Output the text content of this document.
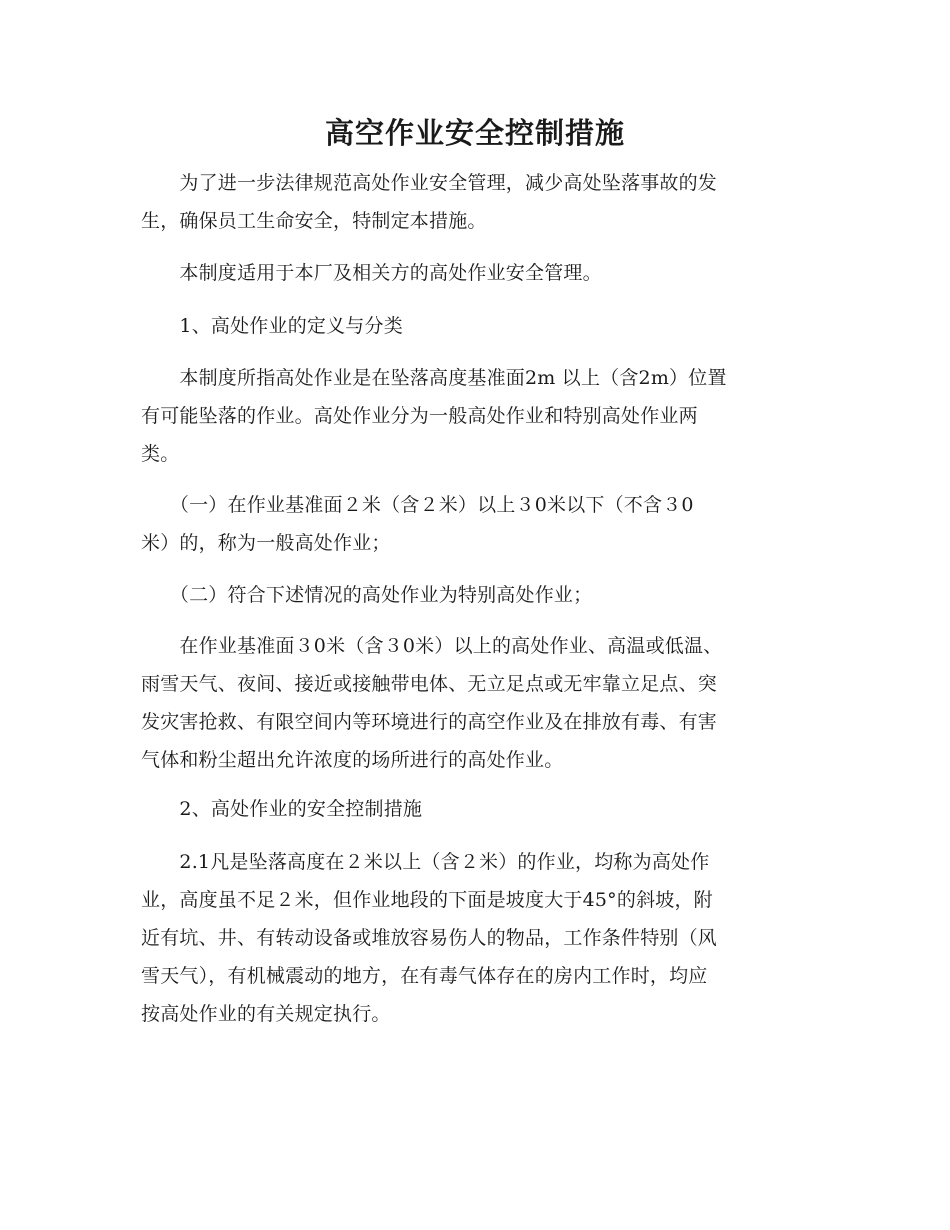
高空作业安全控制措施

　　为了进一步法律规范高处作业安全管理，减少高处坠落事故的发
生，确保员工生命安全，特制定本措施。

　　本制度适用于本厂及相关方的高处作业安全管理。

　　1、高处作业的定义与分类

　　本制度所指高处作业是在坠落高度基准面2m 以上（含2m）位置
有可能坠落的作业。高处作业分为一般高处作业和特别高处作业两
类。

　　（一）在作业基准面２米（含２米）以上３0米以下（不含３0
米）的，称为一般高处作业；

　　（二）符合下述情况的高处作业为特别高处作业；

　　在作业基准面３0米（含３0米）以上的高处作业、高温或低温、
雨雪天气、夜间、接近或接触带电体、无立足点或无牢靠立足点、突
发灾害抢救、有限空间内等环境进行的高空作业及在排放有毒、有害
气体和粉尘超出允许浓度的场所进行的高处作业。

　　2、高处作业的安全控制措施

　　2.1凡是坠落高度在２米以上（含２米）的作业，均称为高处作
业，高度虽不足２米，但作业地段的下面是坡度大于45°的斜坡，附
近有坑、井、有转动设备或堆放容易伤人的物品，工作条件特别（风
雪天气），有机械震动的地方，在有毒气体存在的房内工作时，均应
按高处作业的有关规定执行。
